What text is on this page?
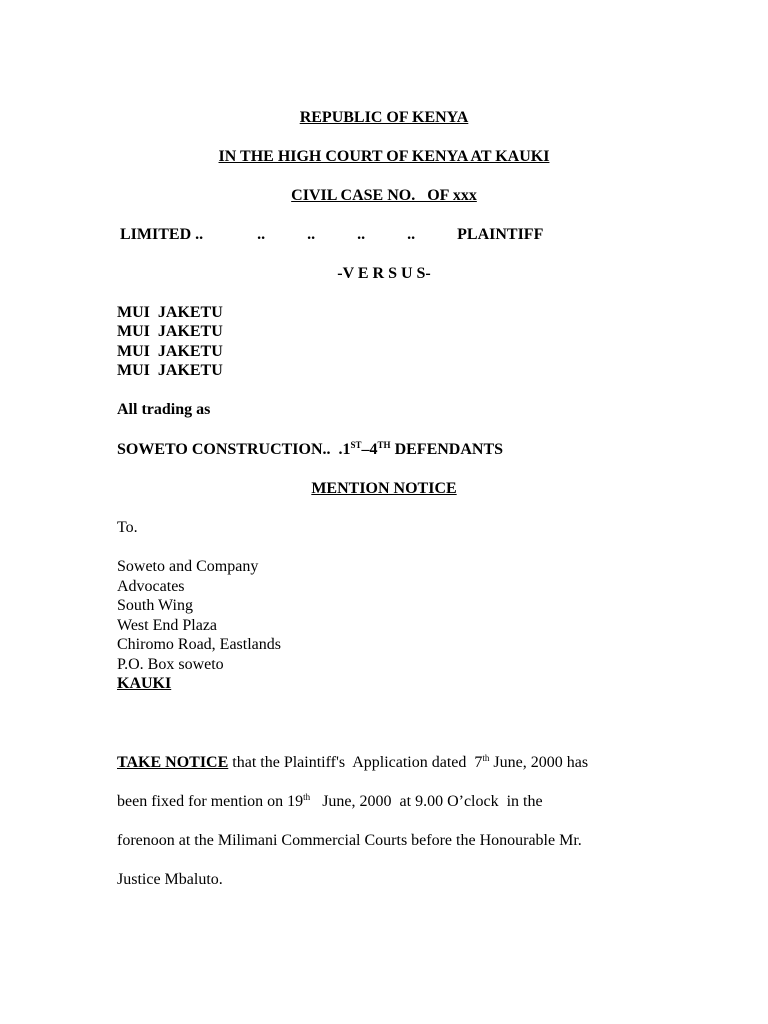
REPUBLIC OF KENYA

IN THE HIGH COURT OF KENYA AT KAUKI

CIVIL CASE NO.   OF xxx

LIMITED ..	..	..	..	..	PLAINTIFF

-V E R S U S-

MUI  JAKETU

MUI  JAKETU

MUI  JAKETU

MUI  JAKETU

All trading as

SOWETO CONSTRUCTION..  .1ST–4TH DEFENDANTS

MENTION NOTICE

To.

Soweto and Company

Advocates

South Wing

West End Plaza

Chiromo Road, Eastlands

P.O. Box soweto

KAUKI

TAKE NOTICE that the Plaintiff's  Application dated  7th June, 2000 has

been fixed for mention on 19th   June, 2000  at 9.00 O’clock  in the

forenoon at the Milimani Commercial Courts before the Honourable Mr.

Justice Mbaluto.
